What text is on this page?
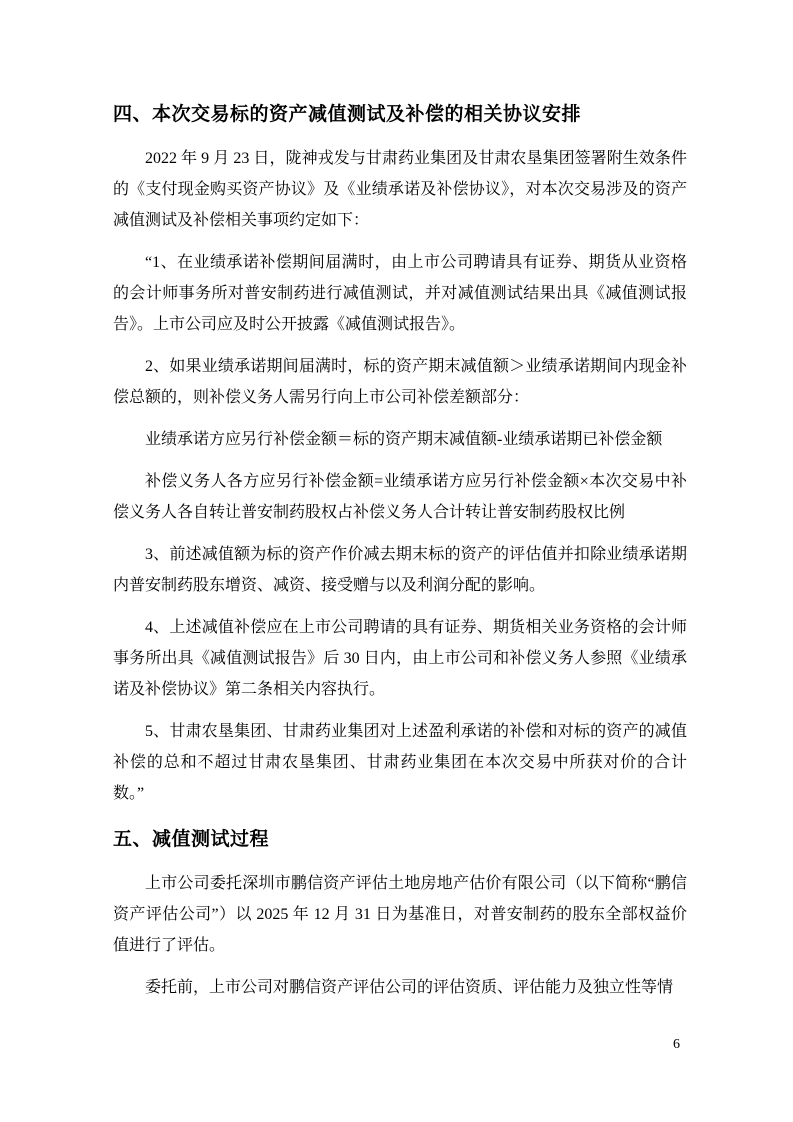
四、本次交易标的资产减值测试及补偿的相关协议安排

2022 年 9 月 23 日，陇神戎发与甘肃药业集团及甘肃农垦集团签署附生效条件的《支付现金购买资产协议》及《业绩承诺及补偿协议》，对本次交易涉及的资产减值测试及补偿相关事项约定如下：

“1、在业绩承诺补偿期间届满时，由上市公司聘请具有证券、期货从业资格的会计师事务所对普安制药进行减值测试，并对减值测试结果出具《减值测试报告》。上市公司应及时公开披露《减值测试报告》。

2、如果业绩承诺期间届满时，标的资产期末减值额＞业绩承诺期间内现金补偿总额的，则补偿义务人需另行向上市公司补偿差额部分：

业绩承诺方应另行补偿金额＝标的资产期末减值额-业绩承诺期已补偿金额

补偿义务人各方应另行补偿金额=业绩承诺方应另行补偿金额×本次交易中补偿义务人各自转让普安制药股权占补偿义务人合计转让普安制药股权比例

3、前述减值额为标的资产作价减去期末标的资产的评估值并扣除业绩承诺期内普安制药股东增资、减资、接受赠与以及利润分配的影响。

4、上述减值补偿应在上市公司聘请的具有证券、期货相关业务资格的会计师事务所出具《减值测试报告》后 30 日内，由上市公司和补偿义务人参照《业绩承诺及补偿协议》第二条相关内容执行。

5、甘肃农垦集团、甘肃药业集团对上述盈利承诺的补偿和对标的资产的减值补偿的总和不超过甘肃农垦集团、甘肃药业集团在本次交易中所获对价的合计数。”

五、减值测试过程

上市公司委托深圳市鹏信资产评估土地房地产估价有限公司（以下简称“鹏信资产评估公司”）以 2025 年 12 月 31 日为基准日，对普安制药的股东全部权益价值进行了评估。

委托前，上市公司对鹏信资产评估公司的评估资质、评估能力及独立性等情

6
